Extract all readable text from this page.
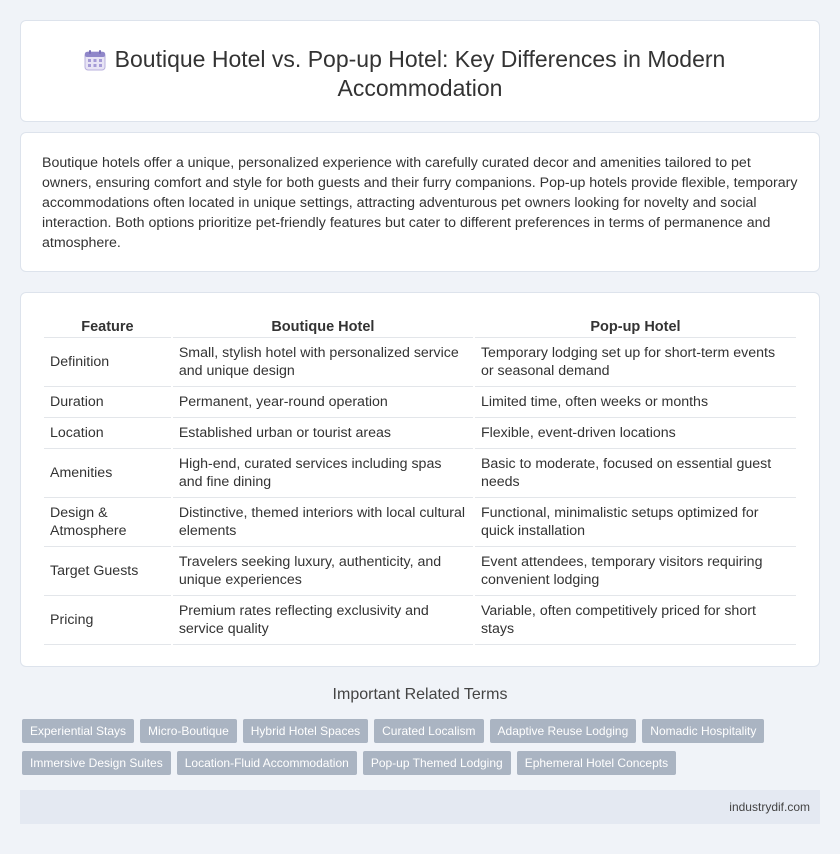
Boutique Hotel vs. Pop-up Hotel: Key Differences in Modern Accommodation

Boutique hotels offer a unique, personalized experience with carefully curated decor and amenities tailored to pet owners, ensuring comfort and style for both guests and their furry companions. Pop-up hotels provide flexible, temporary accommodations often located in unique settings, attracting adventurous pet owners looking for novelty and social interaction. Both options prioritize pet-friendly features but cater to different preferences in terms of permanence and atmosphere.

Feature	Boutique Hotel	Pop-up Hotel
Definition	Small, stylish hotel with personalized service and unique design	Temporary lodging set up for short-term events or seasonal demand
Duration	Permanent, year-round operation	Limited time, often weeks or months
Location	Established urban or tourist areas	Flexible, event-driven locations
Amenities	High-end, curated services including spas and fine dining	Basic to moderate, focused on essential guest needs
Design & Atmosphere	Distinctive, themed interiors with local cultural elements	Functional, minimalistic setups optimized for quick installation
Target Guests	Travelers seeking luxury, authenticity, and unique experiences	Event attendees, temporary visitors requiring convenient lodging
Pricing	Premium rates reflecting exclusivity and service quality	Variable, often competitively priced for short stays
Important Related Terms
Experiential Stays	Micro-Boutique	Hybrid Hotel Spaces	Curated Localism	Adaptive Reuse Lodging	Nomadic Hospitality
Immersive Design Suites	Location-Fluid Accommodation	Pop-up Themed Lodging	Ephemeral Hotel Concepts
industrydif.com
